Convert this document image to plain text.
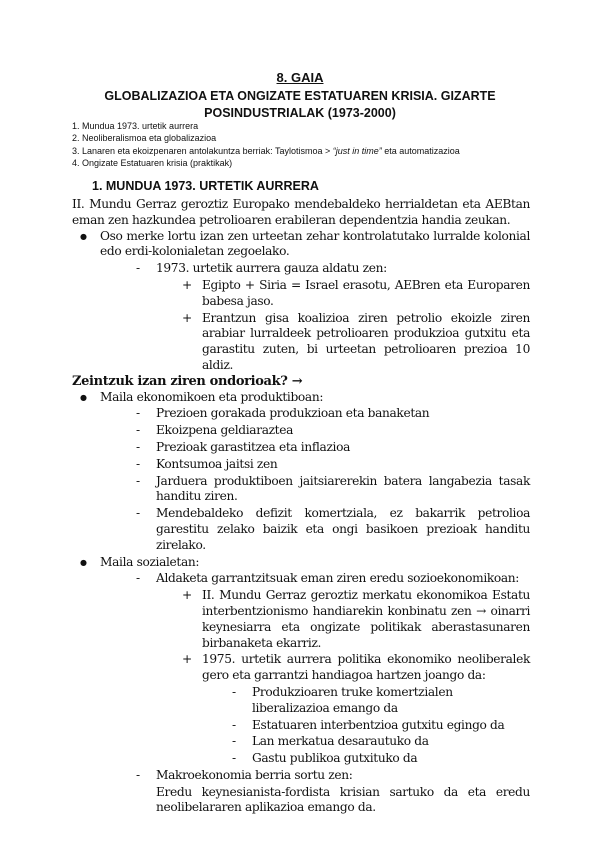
8. GAIA
GLOBALIZAZIOA ETA ONGIZATE ESTATUAREN KRISIA. GIZARTE POSINDUSTRIALAK (1973-2000)
1. Mundua 1973. urtetik aurrera
2. Neoliberalismoa eta globalizazioa
3. Lanaren eta ekoizpenaren antolakuntza berriak: Taylotismoa > “just in time” eta automatizazioa
4. Ongizate Estatuaren krisia (praktikak)
1. MUNDUA 1973. URTETIK AURRERA
II. Mundu Gerraz geroztiz Europako mendebaldeko herrialdetan eta AEBtan eman zen hazkundea petrolioaren erabileran dependentzia handia zeukan.
● Oso merke lortu izan zen urteetan zehar kontrolatutako lurralde kolonial edo erdi-kolonialetan zegoelako.
- 1973. urtetik aurrera gauza aldatu zen:
+ Egipto + Siria = Israel erasotu, AEBren eta Europaren babesa jaso.
+ Erantzun gisa koalizioa ziren petrolio ekoizle ziren arabiar lurraldeek petrolioaren produkzioa gutxitu eta garastitu zuten, bi urteetan petrolioaren prezioa 10 aldiz.
Zeintzuk izan ziren ondorioak? →
● Maila ekonomikoen eta produktiboan:
- Prezioen gorakada produkzioan eta banaketan
- Ekoizpena geldiaraztea
- Prezioak garastitzea eta inflazioa
- Kontsumoa jaitsi zen
- Jarduera produktiboen jaitsiarerekin batera langabezia tasak handitu ziren.
- Mendebaldeko defizit komertziala, ez bakarrik petrolioa garestitu zelako baizik eta ongi basikoen prezioak handitu zirelako.
● Maila sozialetan:
- Aldaketa garrantzitsuak eman ziren eredu sozioekonomikoan:
+ II. Mundu Gerraz geroztiz merkatu ekonomikoa Estatu interbentzionismo handiarekin konbinatu zen → oinarri keynesiarra eta ongizate politikak aberastasunaren birbanaketa ekarriz.
+ 1975. urtetik aurrera politika ekonomiko neoliberalek gero eta garrantzi handiagoa hartzen joango da:
- Produkzioaren truke komertzialen liberalizazioa emango da
- Estatuaren interbentzioa gutxitu egingo da
- Lan merkatua desarautuko da
- Gastu publikoa gutxituko da
- Makroekonomia berria sortu zen:
Eredu keynesianista-fordista krisian sartuko da eta eredu neolibelararen aplikazioa emango da.
